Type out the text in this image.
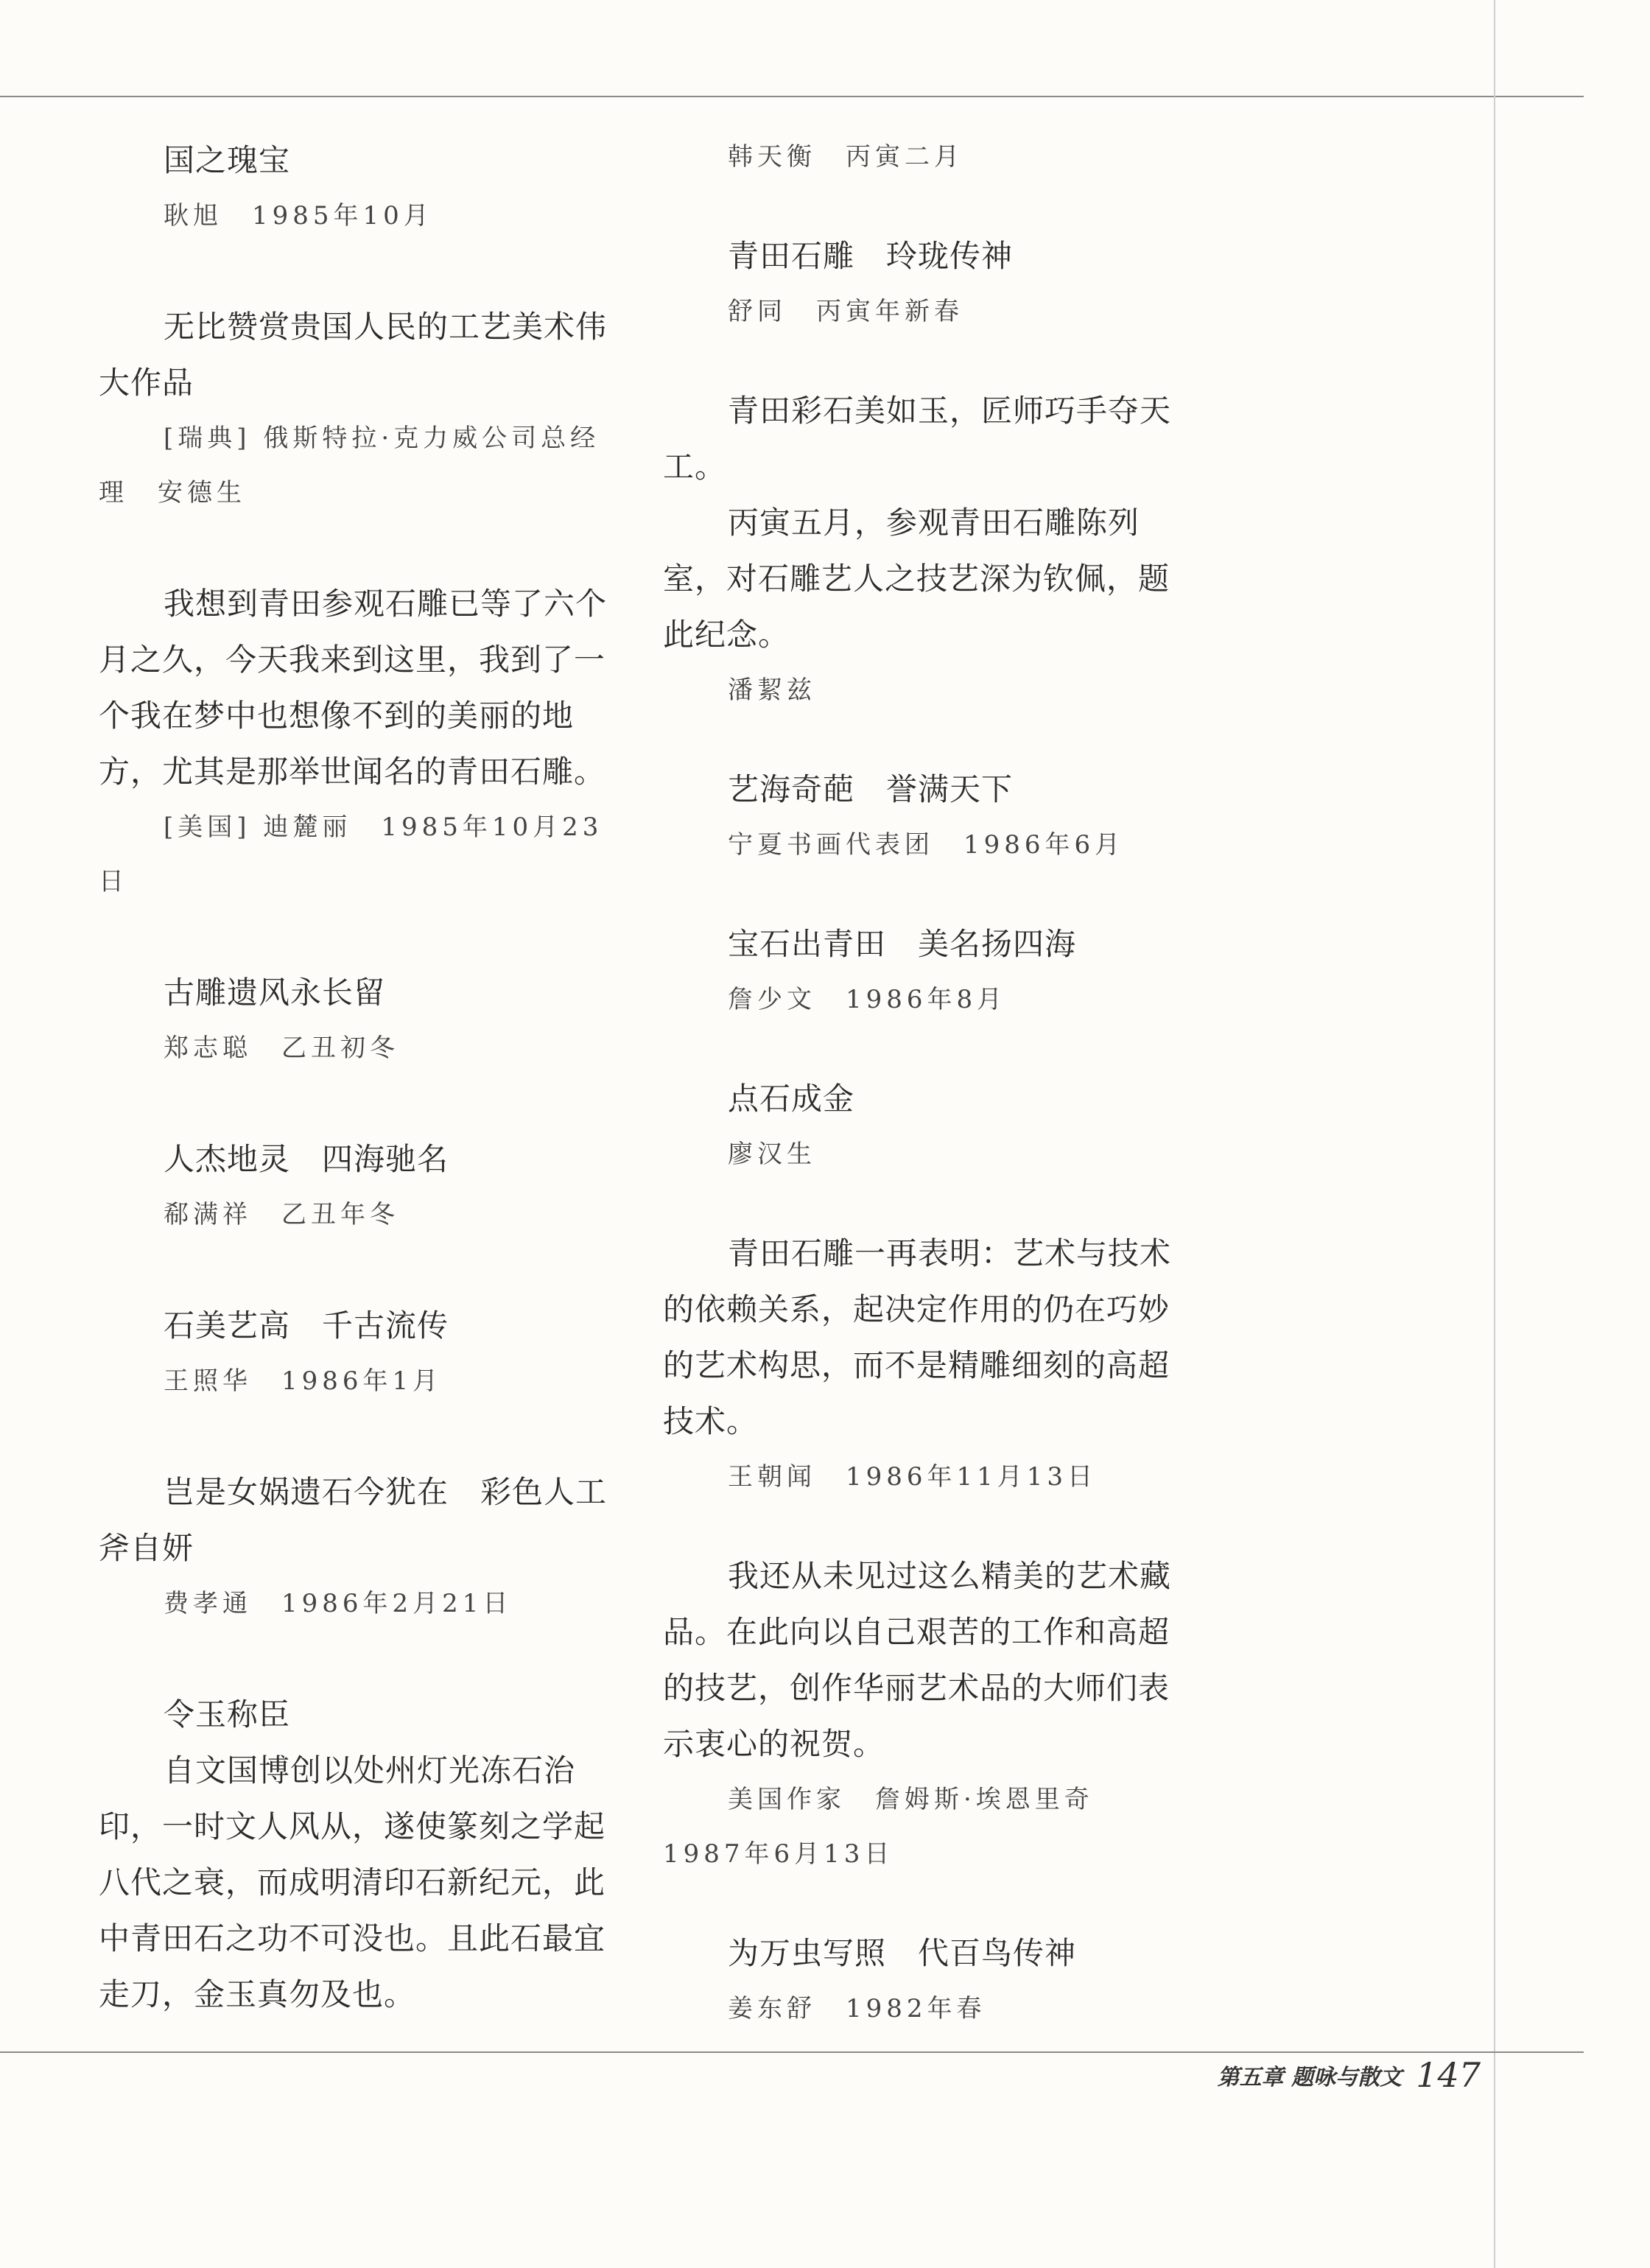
国之瑰宝

耿旭　1985年10月

无比赞赏贵国人民的工艺美术伟大作品

[瑞典] 俄斯特拉·克力威公司总经理　安德生

我想到青田参观石雕已等了六个月之久，今天我来到这里，我到了一个我在梦中也想像不到的美丽的地方，尤其是那举世闻名的青田石雕。

[美国] 迪麓丽　1985年10月23日

古雕遗风永长留

郑志聪　乙丑初冬

人杰地灵　四海驰名

郗满祥　乙丑年冬

石美艺高　千古流传

王照华　1986年1月

岂是女娲遗石今犹在　彩色人工斧自妍

费孝通　1986年2月21日

令玉称臣

自文国博创以处州灯光冻石治印，一时文人风从，遂使篆刻之学起八代之衰，而成明清印石新纪元，此中青田石之功不可没也。且此石最宜走刀，金玉真勿及也。

韩天衡　丙寅二月

青田石雕　玲珑传神

舒同　丙寅年新春

青田彩石美如玉，匠师巧手夺天工。

丙寅五月，参观青田石雕陈列室，对石雕艺人之技艺深为钦佩，题此纪念。

潘絜兹

艺海奇葩　誉满天下

宁夏书画代表团　1986年6月

宝石出青田　美名扬四海

詹少文　1986年8月

点石成金

廖汉生

青田石雕一再表明：艺术与技术的依赖关系，起决定作用的仍在巧妙的艺术构思，而不是精雕细刻的高超技术。

王朝闻　1986年11月13日

我还从未见过这么精美的艺术藏品。在此向以自己艰苦的工作和高超的技艺，创作华丽艺术品的大师们表示衷心的祝贺。

美国作家　詹姆斯·埃恩里奇　1987年6月13日

为万虫写照　代百鸟传神

姜东舒　1982年春

第五章 题咏与散文 147
